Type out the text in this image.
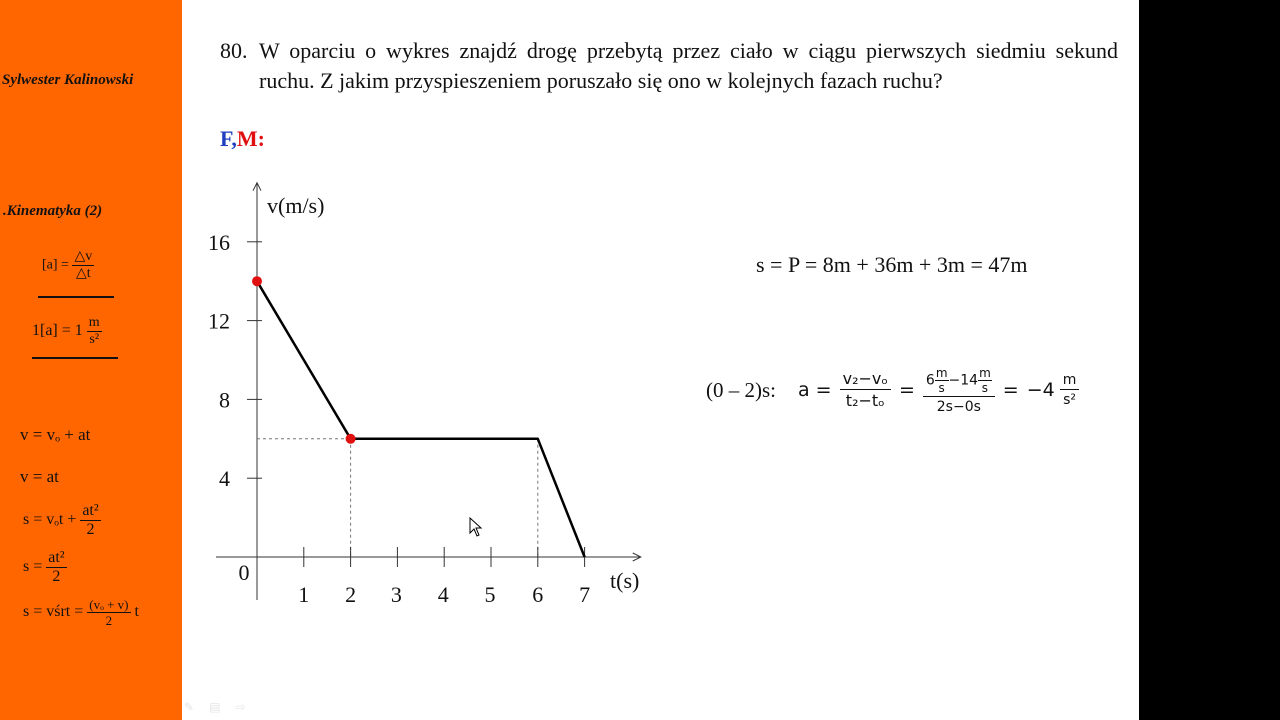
Sylwester Kalinowski
.Kinematyka (2)
$[a] = \frac{\triangle v}{\triangle t}$
$1[a] = 1 \frac{m}{\text{s²}}$
v = vₒ + at
v = at
$s = v_ot + \frac{\text{at²}}{2}$
$s = \frac{\text{at²}}{2}$
s = vśrt = $\frac{\text{(vₒ + v)}}{2}$ t
80. W oparciu o wykres znajdź drogę przebytą przez ciało w ciągu pierwszych siedmiu sekund ruchu. Z jakim przyspieszeniem poruszało się ono w kolejnych fazach ruchu?
F,M:
s = P = 8m + 36m + 3m = 47m
(0 – 2)s: $a = \frac{\text{v₂−vₒ}}{\text{t₂−tₒ}} = \frac{6 \frac{m}{s} -14 \frac{m}{s}}{2s-0s} = -4$ m
s²
1 2 3 4 5 6 7
4
8
12
16
0
v(m/s)
t(s)
✎ ▤ ⇨
